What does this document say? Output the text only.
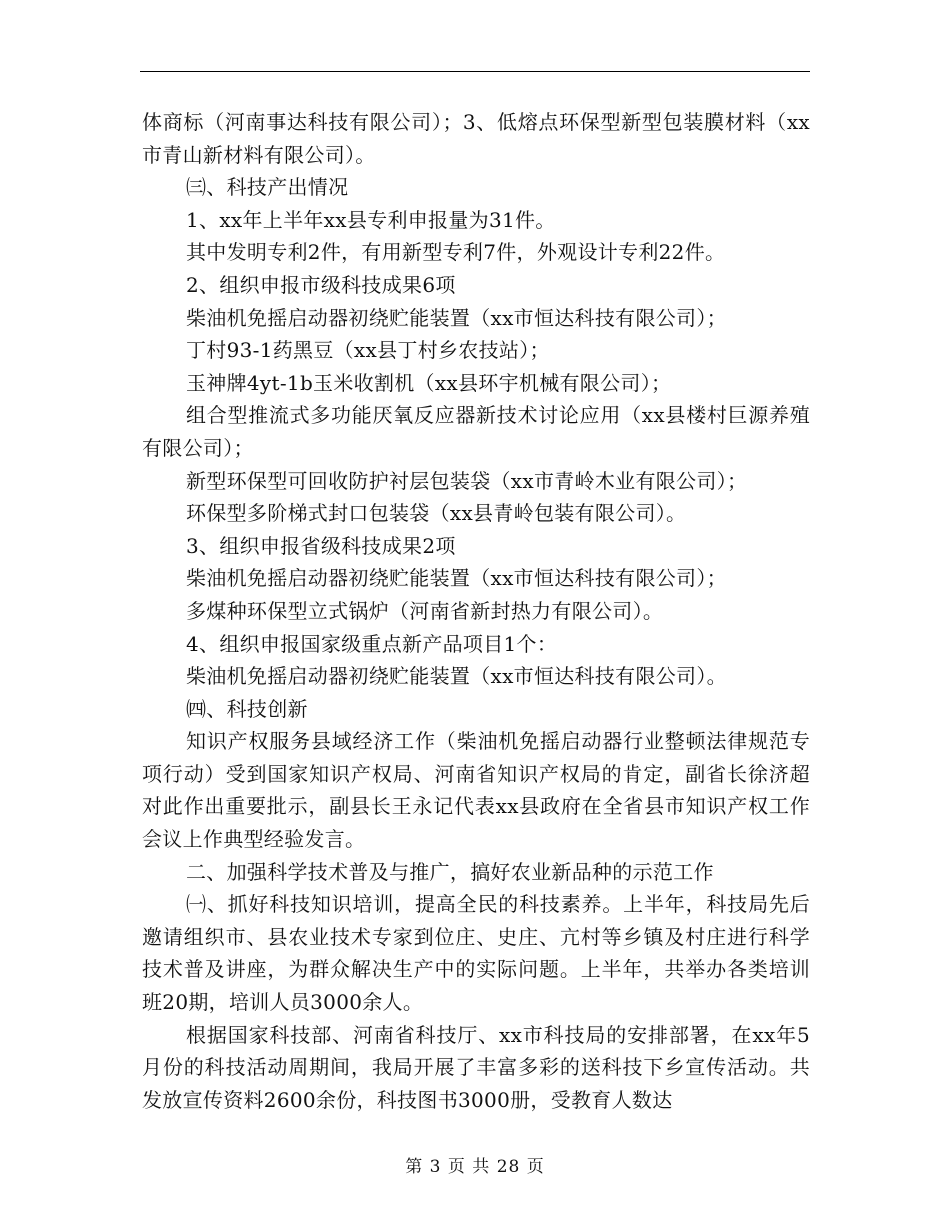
体商标（河南事达科技有限公司）；3、低熔点环保型新型包装膜材料（xx市青山新材料有限公司）。

㈢、科技产出情况

1、xx年上半年xx县专利申报量为31件。

其中发明专利2件，有用新型专利7件，外观设计专利22件。

2、组织申报市级科技成果6项

柴油机免摇启动器初绕贮能装置（xx市恒达科技有限公司）；

丁村93-1药黑豆（xx县丁村乡农技站）；

玉神牌4yt-1b玉米收割机（xx县环宇机械有限公司）；

组合型推流式多功能厌氧反应器新技术讨论应用（xx县楼村巨源养殖有限公司）；

新型环保型可回收防护衬层包装袋（xx市青岭木业有限公司）；

环保型多阶梯式封口包装袋（xx县青岭包装有限公司）。

3、组织申报省级科技成果2项

柴油机免摇启动器初绕贮能装置（xx市恒达科技有限公司）；

多煤种环保型立式锅炉（河南省新封热力有限公司）。

4、组织申报国家级重点新产品项目1个：

柴油机免摇启动器初绕贮能装置（xx市恒达科技有限公司）。

㈣、科技创新

知识产权服务县域经济工作（柴油机免摇启动器行业整顿法律规范专项行动）受到国家知识产权局、河南省知识产权局的肯定，副省长徐济超对此作出重要批示，副县长王永记代表xx县政府在全省县市知识产权工作会议上作典型经验发言。

二、加强科学技术普及与推广，搞好农业新品种的示范工作

㈠、抓好科技知识培训，提高全民的科技素养。上半年，科技局先后邀请组织市、县农业技术专家到位庄、史庄、亢村等乡镇及村庄进行科学技术普及讲座，为群众解决生产中的实际问题。上半年，共举办各类培训班20期，培训人员3000余人。

根据国家科技部、河南省科技厅、xx市科技局的安排部署，在xx年5月份的科技活动周期间，我局开展了丰富多彩的送科技下乡宣传活动。共发放宣传资料2600余份，科技图书3000册，受教育人数达

第 3 页 共 28 页
